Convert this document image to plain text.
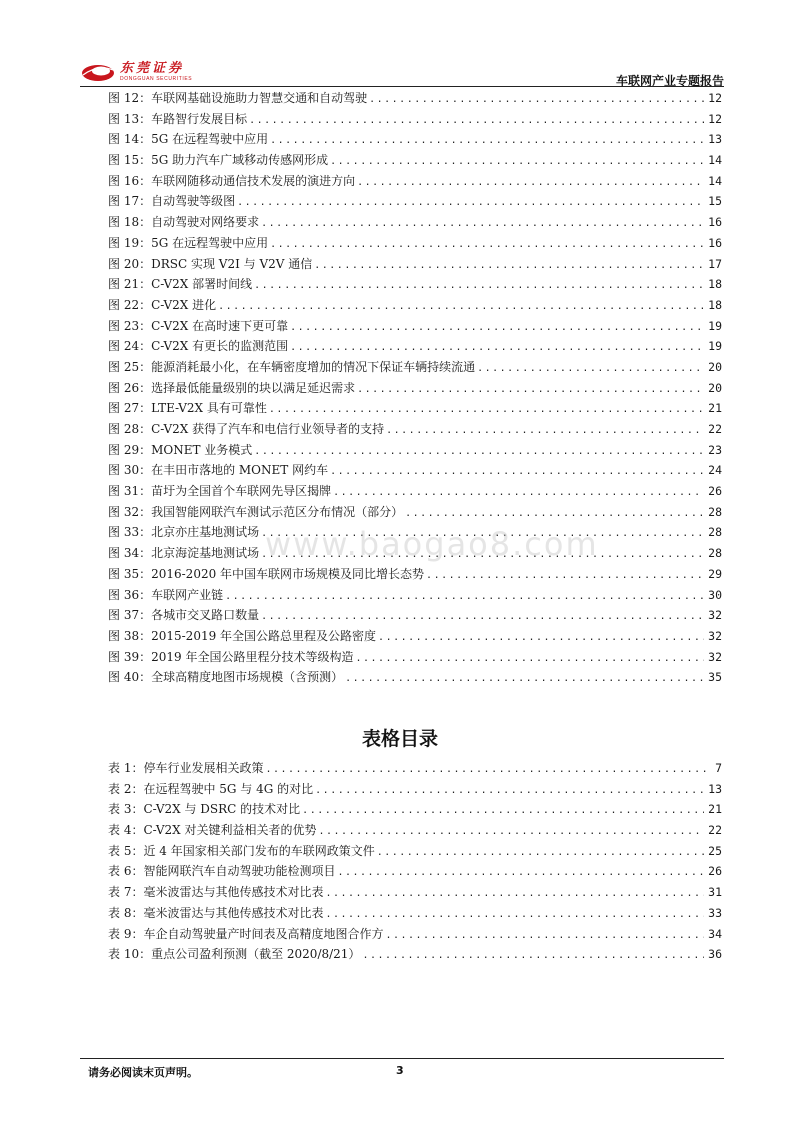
东莞证券
DONGGUAN SECURITIES	车联网产业专题报告
图 12：车联网基础设施助力智慧交通和自动驾驶 .....	12
图 13：车路智行发展目标 .....	12
图 14：5G 在远程驾驶中应用 .....	13
图 15：5G 助力汽车广域移动传感网形成 .....	14
图 16：车联网随移动通信技术发展的演进方向 .....	14
图 17：自动驾驶等级图 .....	15
图 18：自动驾驶对网络要求 .....	16
图 19：5G 在远程驾驶中应用 .....	16
图 20：DRSC 实现 V2I 与 V2V 通信 .....	17
图 21：C-V2X 部署时间线 .....	18
图 22：C-V2X 进化 .....	18
图 23：C-V2X 在高时速下更可靠 .....	19
图 24：C-V2X 有更长的监测范围 .....	19
图 25：能源消耗最小化，在车辆密度增加的情况下保证车辆持续流通 .....	20
图 26：选择最低能量级别的块以满足延迟需求 .....	20
图 27：LTE-V2X 具有可靠性 .....	21
图 28：C-V2X 获得了汽车和电信行业领导者的支持 .....	22
图 29：MONET 业务模式 .....	23
图 30：在丰田市落地的 MONET 网约车 .....	24
图 31：苗圩为全国首个车联网先导区揭牌 .....	26
图 32：我国智能网联汽车测试示范区分布情况（部分） .....	28
图 33：北京亦庄基地测试场 .....	28
图 34：北京海淀基地测试场 .....	28
图 35：2016-2020 年中国车联网市场规模及同比增长态势 .....	29
图 36：车联网产业链 .....	30
图 37：各城市交叉路口数量 .....	32
图 38：2015-2019 年全国公路总里程及公路密度 .....	32
图 39：2019 年全国公路里程分技术等级构造 .....	32
图 40：全球高精度地图市场规模（含预测） .....	35
表格目录
表 1：停车行业发展相关政策 .....	7
表 2：在远程驾驶中 5G 与 4G 的对比 .....	13
表 3：C-V2X 与 DSRC 的技术对比 .....	21
表 4：C-V2X 对关键利益相关者的优势 .....	22
表 5：近 4 年国家相关部门发布的车联网政策文件 .....	25
表 6：智能网联汽车自动驾驶功能检测项目 .....	26
表 7：毫米波雷达与其他传感技术对比表 .....	31
表 8：毫米波雷达与其他传感技术对比表 .....	33
表 9：车企自动驾驶量产时间表及高精度地图合作方 .....	34
表 10：重点公司盈利预测（截至 2020/8/21） .....	36
www.baogao8.com
请务必阅读末页声明。	3
